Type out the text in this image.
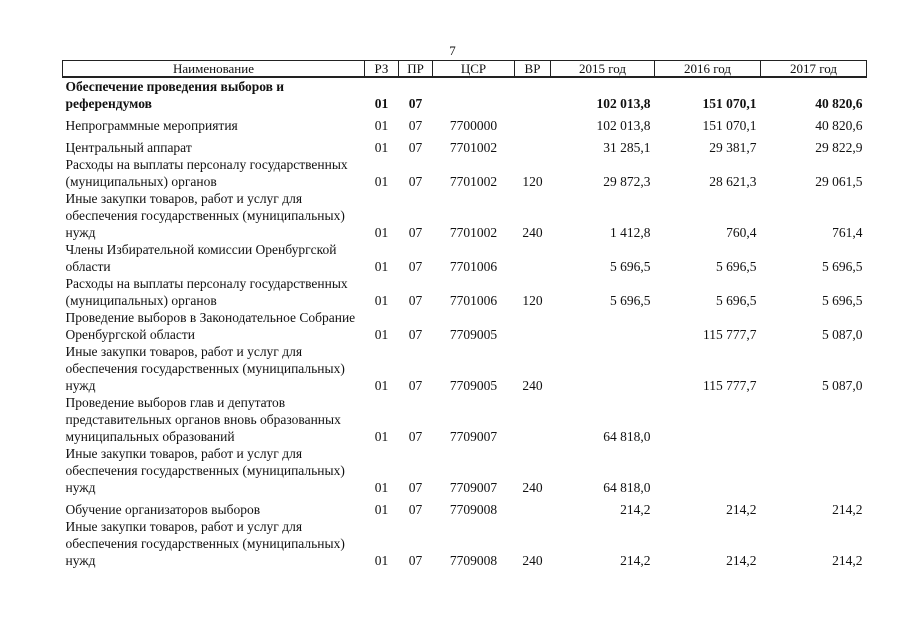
7
Наименование	РЗ	ПР	ЦСР	ВР	2015 год	2016 год	2017 год
Обеспечение проведения выборов и референдумов	01	07			102 013,8	151 070,1	40 820,6
Непрограммные мероприятия	01	07	7700000		102 013,8	151 070,1	40 820,6
Центральный аппарат	01	07	7701002		31 285,1	29 381,7	29 822,9
Расходы на выплаты персоналу государственных (муниципальных) органов	01	07	7701002	120	29 872,3	28 621,3	29 061,5
Иные закупки товаров, работ и услуг для обеспечения государственных (муниципальных) нужд	01	07	7701002	240	1 412,8	760,4	761,4
Члены Избирательной комиссии Оренбургской области	01	07	7701006		5 696,5	5 696,5	5 696,5
Расходы на выплаты персоналу государственных (муниципальных) органов	01	07	7701006	120	5 696,5	5 696,5	5 696,5
Проведение выборов в Законодательное Собрание Оренбургской области	01	07	7709005			115 777,7	5 087,0
Иные закупки товаров, работ и услуг для обеспечения государственных (муниципальных) нужд	01	07	7709005	240		115 777,7	5 087,0
Проведение выборов глав и депутатов представительных органов вновь образованных муниципальных образований	01	07	7709007		64 818,0		
Иные закупки товаров, работ и услуг для обеспечения государственных (муниципальных) нужд	01	07	7709007	240	64 818,0		
Обучение организаторов выборов	01	07	7709008		214,2	214,2	214,2
Иные закупки товаров, работ и услуг для обеспечения государственных (муниципальных) нужд	01	07	7709008	240	214,2	214,2	214,2
